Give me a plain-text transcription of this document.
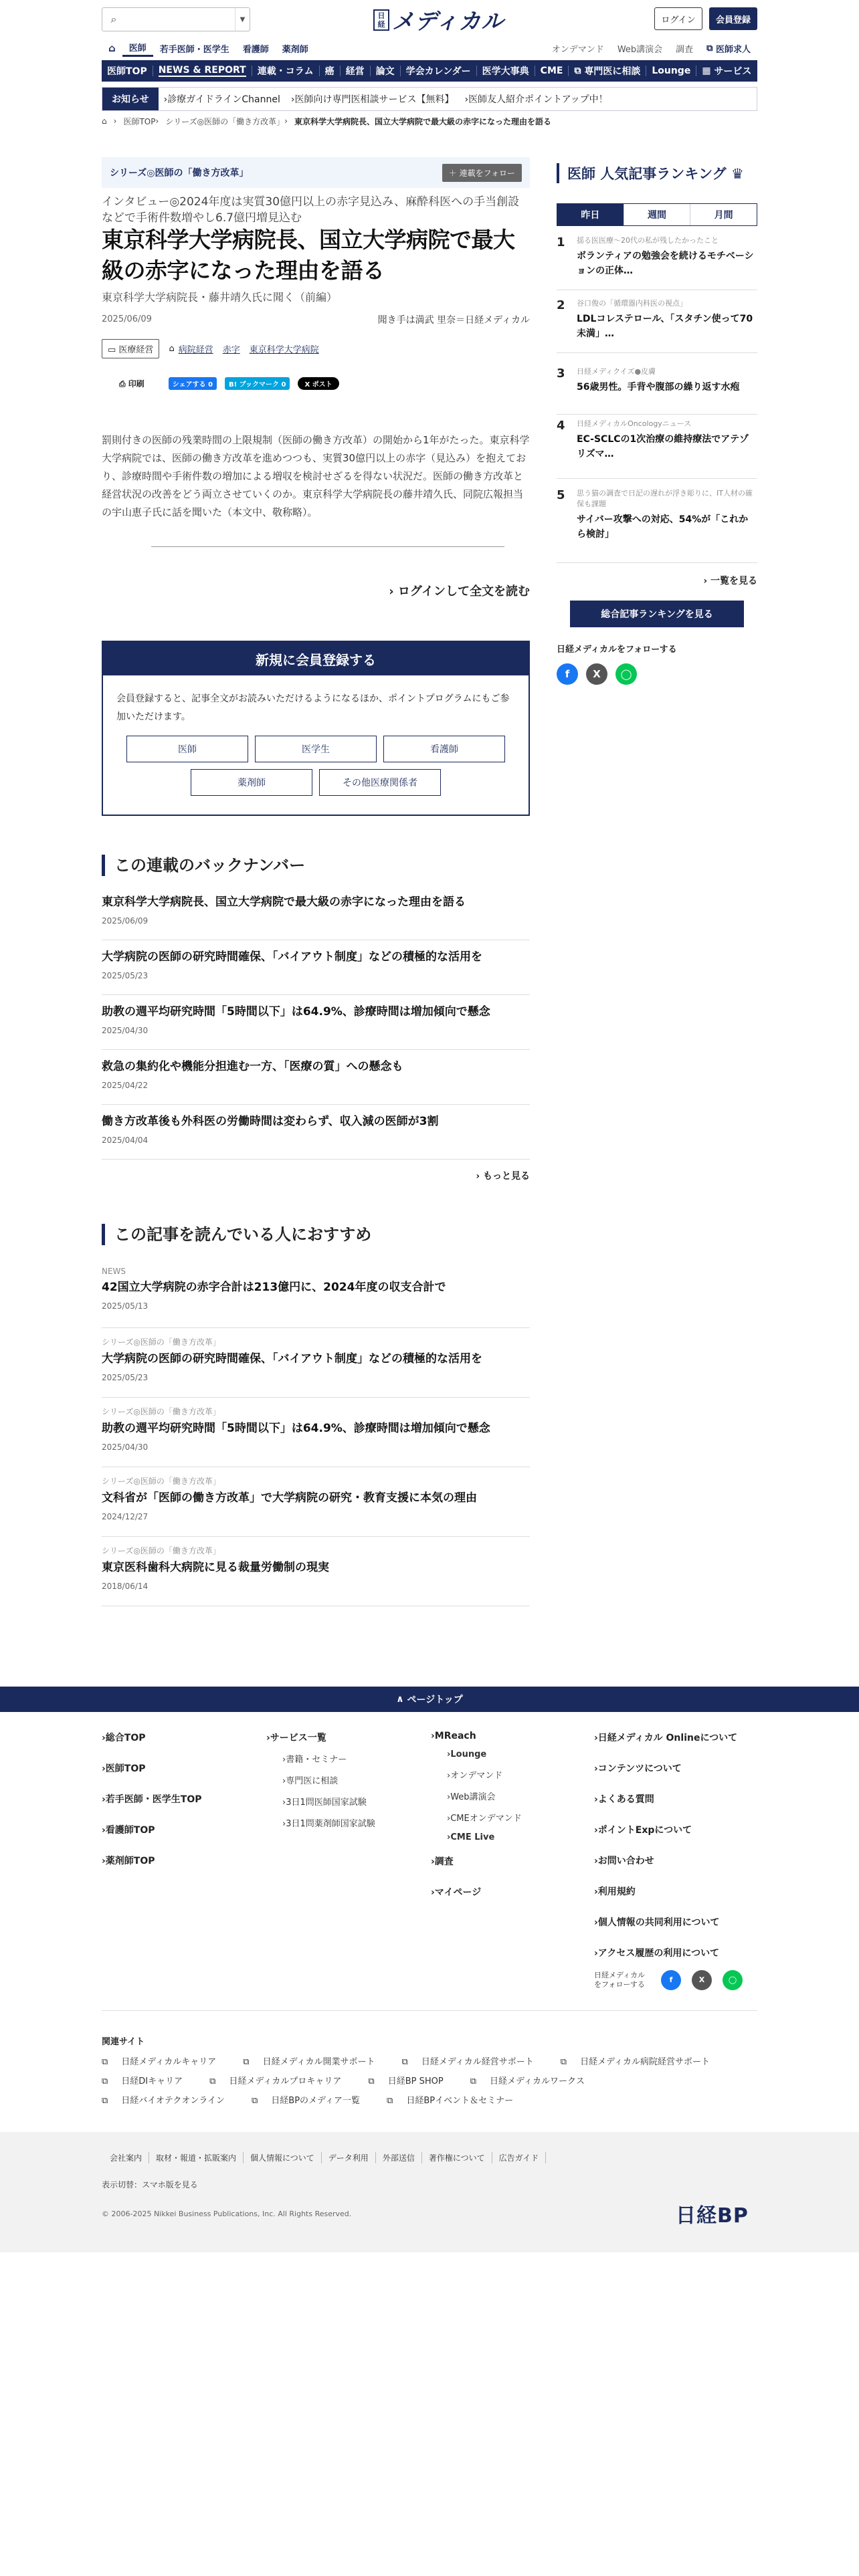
⌕	▼	日経 メディカル	ログイン	会員登録
⌂	医師	若手医師・医学生	看護師	薬剤師	オンデマンド	Web講演会	調査	⧉ 医師求人
医師TOP	NEWS & REPORT	連載・コラム	癌	経営	論文	学会カレンダー	医学大事典	CME	⧉ 専門医に相談	Lounge	▦ サービス
お知らせ	›診療ガイドラインChannel	›医師向け専門医相談サービス【無料】	›医師友人紹介ポイントアップ中！
⌂ › 医師TOP › シリーズ◎医師の「働き方改革」 › 東京科学大学病院長、国立大学病院で最大級の赤字になった理由を語る
シリーズ◎医師の「働き方改革」	＋ 連載をフォロー
インタビュー◎2024年度は実質30億円以上の赤字見込み、麻酔科医への手当創設などで手術件数増やし6.7億円増見込む
東京科学大学病院長、国立大学病院で最大級の赤字になった理由を語る
東京科学大学病院長・藤井靖久氏に聞く（前編）
2025/06/09	聞き手は満武 里奈＝日経メディカル
▭ 医療経営	⌂ 病院経営 赤字 東京科学大学病院
⎙ 印刷	シェアする 0	B! ブックマーク 0	X ポスト

罰則付きの医師の残業時間の上限規制（医師の働き方改革）の開始から1年がたった。東京科学大学病院では、医師の働き方改革を進めつつも、実質30億円以上の赤字（見込み）を抱えており、診療時間や手術件数の増加による増収を検討せざるを得ない状況だ。医師の働き方改革と経営状況の改善をどう両立させていくのか。東京科学大学病院長の藤井靖久氏、同院広報担当の宇山恵子氏に話を聞いた（本文中、敬称略）。

› ログインして全文を読む
新規に会員登録する

会員登録すると、記事全文がお読みいただけるようになるほか、ポイントプログラムにもご参加いただけます。

医師	医学生	看護師
薬剤師	その他医療関係者
この連載のバックナンバー
東京科学大学病院長、国立大学病院で最大級の赤字になった理由を語る
2025/06/09
大学病院の医師の研究時間確保、「バイアウト制度」などの積極的な活用を
2025/05/23
助教の週平均研究時間「5時間以下」は64.9%、診療時間は増加傾向で懸念
2025/04/30
救急の集約化や機能分担進む一方、「医療の質」への懸念も
2025/04/22
働き方改革後も外科医の労働時間は変わらず、収入減の医師が3割
2025/04/04
› もっと見る
この記事を読んでいる人におすすめ
NEWS
42国立大学病院の赤字合計は213億円に、2024年度の収支合計で
2025/05/13
シリーズ◎医師の「働き方改革」
大学病院の医師の研究時間確保、「バイアウト制度」などの積極的な活用を
2025/05/23
シリーズ◎医師の「働き方改革」
助教の週平均研究時間「5時間以下」は64.9%、診療時間は増加傾向で懸念
2025/04/30
シリーズ◎医師の「働き方改革」
文科省が「医師の働き方改革」で大学病院の研究・教育支援に本気の理由
2024/12/27
シリーズ◎医師の「働き方改革」
東京医科歯科大病院に見る裁量労働制の現実
2018/06/14
医師 人気記事ランキング ♛
昨日	週間	月間
1	揺る医医療～20代の私が残したかったこと
ボランティアの勉強会を続けるモチベーションの正体…
2	谷口俊の「循環器内科医の視点」
LDLコレステロール、「スタチン使って70未満」…
3	日経メディクイズ●皮膚
56歳男性。手背や腹部の繰り返す水疱
4	日経メディカルOncologyニュース
EC-SCLCの1次治療の維持療法でアテゾリズマ…
5	思う猫の調査で日記の遅れが浮き彫りに、IT人材の確保も課題
サイバー攻撃への対応、54%が「これから検討」
› 一覧を見る
総合記事ランキングを見る
日経メディカルをフォローする
f	X	◯
∧ ページトップ
›総合TOP
›医師TOP
›若手医師・医学生TOP
›看護師TOP
›薬剤師TOP
›サービス一覧
›書籍・セミナー
›専門医に相談
›3日1問医師国家試験
›3日1問薬剤師国家試験
›MReach
›Lounge
›オンデマンド
›Web講演会
›CMEオンデマンド
›CME Live
›調査
›マイページ
›日経メディカル Onlineについて
›コンテンツについて
›よくある質問
›ポイントExpについて
›お問い合わせ
›利用規約
›個人情報の共同利用について
›アクセス履歴の利用について
日経メディカルをフォローする
f	X	◯
関連サイト
⧉ 日経メディカルキャリア	⧉ 日経メディカル開業サポート	⧉ 日経メディカル経営サポート	⧉ 日経メディカル病院経営サポート
⧉ 日経DIキャリア	⧉ 日経メディカルプロキャリア	⧉ 日経BP SHOP	⧉ 日経メディカルワークス
⧉ 日経バイオテクオンライン	⧉ 日経BPのメディア一覧	⧉ 日経BPイベント＆セミナー
会社案内	取材・報道・拡販案内	個人情報について	データ利用	外部送信	著作権について	広告ガイド
表示切替：スマホ版を見る
© 2006-2025 Nikkei Business Publications, Inc. All Rights Reserved.	日経BP
